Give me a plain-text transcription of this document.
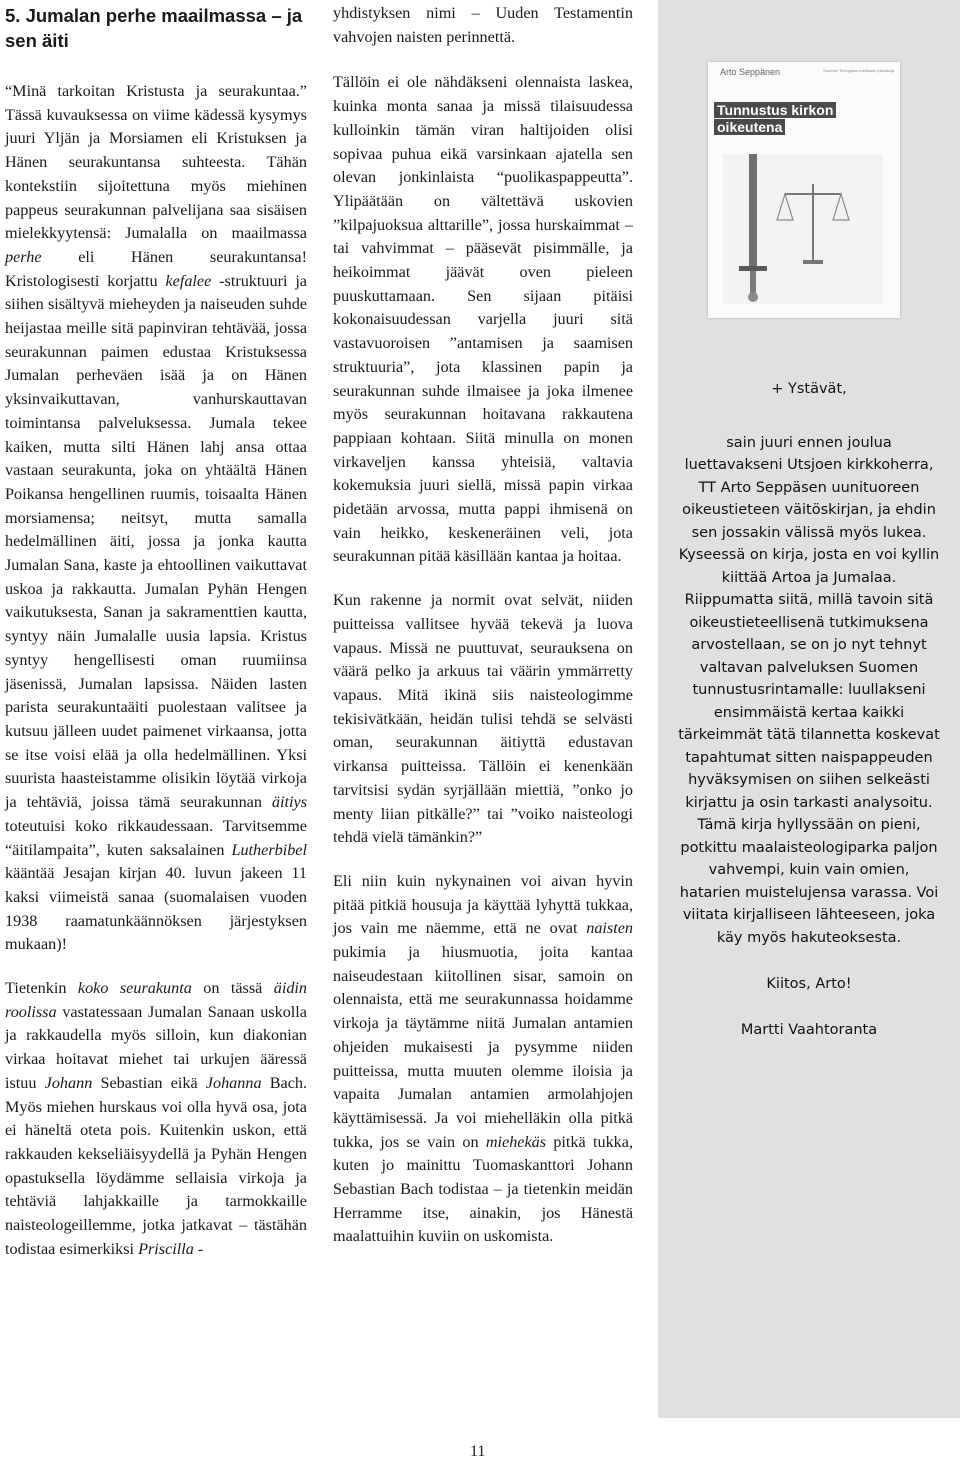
5. Jumalan perhe maailmassa – ja sen äiti

“Minä tarkoitan Kristusta ja seurakuntaa.” Tässä kuvauksessa on viime kädessä kysymys juuri Yljän ja Morsiamen eli Kristuksen ja Hänen seurakuntansa suhteesta. Tähän kontekstiin sijoitettuna myös miehinen pappeus seurakunnan palvelijana saa sisäisen mielekkyytensä: Jumalalla on maailmassa perhe eli Hänen seurakuntansa! Kristologisesti korjattu kefalee -struktuuri ja siihen sisältyvä mieheyden ja naiseuden suhde heijastaa meille sitä papinviran tehtävää, jossa seurakunnan paimen edustaa Kristuksessa Jumalan perheväen isää ja on Hänen yksinvaikuttavan, vanhurskauttavan toimintansa palveluksessa. Jumala tekee kaiken, mutta silti Hänen lahj ansa ottaa vastaan seurakunta, joka on yhtäältä Hänen Poikansa hengellinen ruumis, toisaalta Hänen morsiamensa; neitsyt, mutta samalla hedelmällinen äiti, jossa ja jonka kautta Jumalan Sana, kaste ja ehtoollinen vaikuttavat uskoa ja rakkautta. Jumalan Pyhän Hengen vaikutuksesta, Sanan ja sakramenttien kautta, syntyy näin Jumalalle uusia lapsia. Kristus syntyy hengellisesti oman ruumiinsa jäsenissä, Jumalan lapsissa. Näiden lasten parista seurakuntaäiti puolestaan valitsee ja kutsuu jälleen uudet paimenet virkaansa, jotta se itse voisi elää ja olla hedelmällinen. Yksi suurista haasteistamme olisikin löytää virkoja ja tehtäviä, joissa tämä seurakunnan äitiys toteutuisi koko rikkaudessaan. Tarvitsemme “äitilampaita”, kuten saksalainen Lutherbibel kääntää Jesajan kirjan 40. luvun jakeen 11 kaksi viimeistä sanaa (suomalaisen vuoden 1938 raamatunkäännöksen järjestyksen mukaan)!

Tietenkin koko seurakunta on tässä äidin roolissa vastatessaan Jumalan Sanaan uskolla ja rakkaudella myös silloin, kun diakonian virkaa hoitavat miehet tai urkujen ääressä istuu Johann Sebastian eikä Johanna Bach. Myös miehen hurskaus voi olla hyvä osa, jota ei häneltä oteta pois. Kuitenkin uskon, että rakkauden kekseliäisyydellä ja Pyhän Hengen opastuksella löydämme sellaisia virkoja ja tehtäviä lahjakkaille ja tarmokkaille naisteologeillemme, jotka jatkavat – tästähän todistaa esimerkiksi Priscilla -

yhdistyksen nimi – Uuden Testamentin vahvojen naisten perinnettä.

Tällöin ei ole nähdäkseni olennaista laskea, kuinka monta sanaa ja missä tilaisuudessa kulloinkin tämän viran haltijoiden olisi sopivaa puhua eikä varsinkaan ajatella sen olevan jonkinlaista “puolikaspappeutta”. Ylipäätään on vältettävä uskovien ”kilpajuoksua alttarille”, jossa hurskaimmat – tai vahvimmat – pääsevät pisimmälle, ja heikoimmat jäävät oven pieleen puuskuttamaan. Sen sijaan pitäisi kokonaisuudessan varjella juuri sitä vastavuoroisen ”antamisen ja saamisen struktuuria”, jota klassinen papin ja seurakunnan suhde ilmaisee ja joka ilmenee myös seurakunnan hoitavana rakkautena pappiaan kohtaan. Siitä minulla on monen virkaveljen kanssa yhteisiä, valtavia kokemuksia juuri siellä, missä papin virkaa pidetään arvossa, mutta pappi ihmisenä on vain heikko, keskeneräinen veli, jota seurakunnan pitää käsillään kantaa ja hoitaa.

Kun rakenne ja normit ovat selvät, niiden puitteissa vallitsee hyvää tekevä ja luova vapaus. Missä ne puuttuvat, seurauksena on väärä pelko ja arkuus tai väärin ymmärretty vapaus. Mitä ikinä siis naisteologimme tekisivätkään, heidän tulisi tehdä se selvästi oman, seurakunnan äitiyttä edustavan virkansa puitteissa. Tällöin ei kenenkään tarvitsisi sydän syrjällään miettiä, ”onko jo menty liian pitkälle?” tai ”voiko naisteologi tehdä vielä tämänkin?”

Eli niin kuin nykynainen voi aivan hyvin pitää pitkiä housuja ja käyttää lyhyttä tukkaa, jos vain me näemme, että ne ovat naisten pukimia ja hiusmuotia, joita kantaa naiseudestaan kiitollinen sisar, samoin on olennaista, että me seurakunnassa hoidamme virkoja ja täytämme niitä Jumalan antamien ohjeiden mukaisesti ja pysymme niiden puitteissa, mutta muuten olemme iloisia ja vapaita Jumalan antamien armolahjojen käyttämisessä. Ja voi miehelläkin olla pitkä tukka, jos se vain on miehekäs pitkä tukka, kuten jo mainittu Tuomaskanttori Johann Sebastian Bach todistaa – ja tietenkin meidän Herramme itse, ainakin, jos Hänestä maalattuihin kuviin on uskomista.

Arto Seppänen	Suomen Teologisen Instituutin julkaisuja
Tunnustus kirkon
oikeutena

+ Ystävät,

sain juuri ennen joulua luettavakseni Utsjoen kirkkoherra, TT Arto Seppäsen uunituoreen oikeustieteen väitöskirjan, ja ehdin sen jossakin välissä myös lukea. Kyseessä on kirja, josta en voi kyllin kiittää Artoa ja Jumalaa. Riippumatta siitä, millä tavoin sitä oikeustieteellisenä tutkimuksena arvostellaan, se on jo nyt tehnyt valtavan palveluksen Suomen tunnustusrintamalle: luullakseni ensimmäistä kertaa kaikki tärkeimmät tätä tilannetta koskevat tapahtumat sitten naispappeuden hyväksymisen on siihen selkeästi kirjattu ja osin tarkasti analysoitu. Tämä kirja hyllyssään on pieni, potkittu maalaisteologiparka paljon vahvempi, kuin vain omien, hatarien muistelujensa varassa. Voi viitata kirjalliseen lähteeseen, joka käy myös hakuteoksesta.

Kiitos, Arto!

Martti Vaahtoranta

11
